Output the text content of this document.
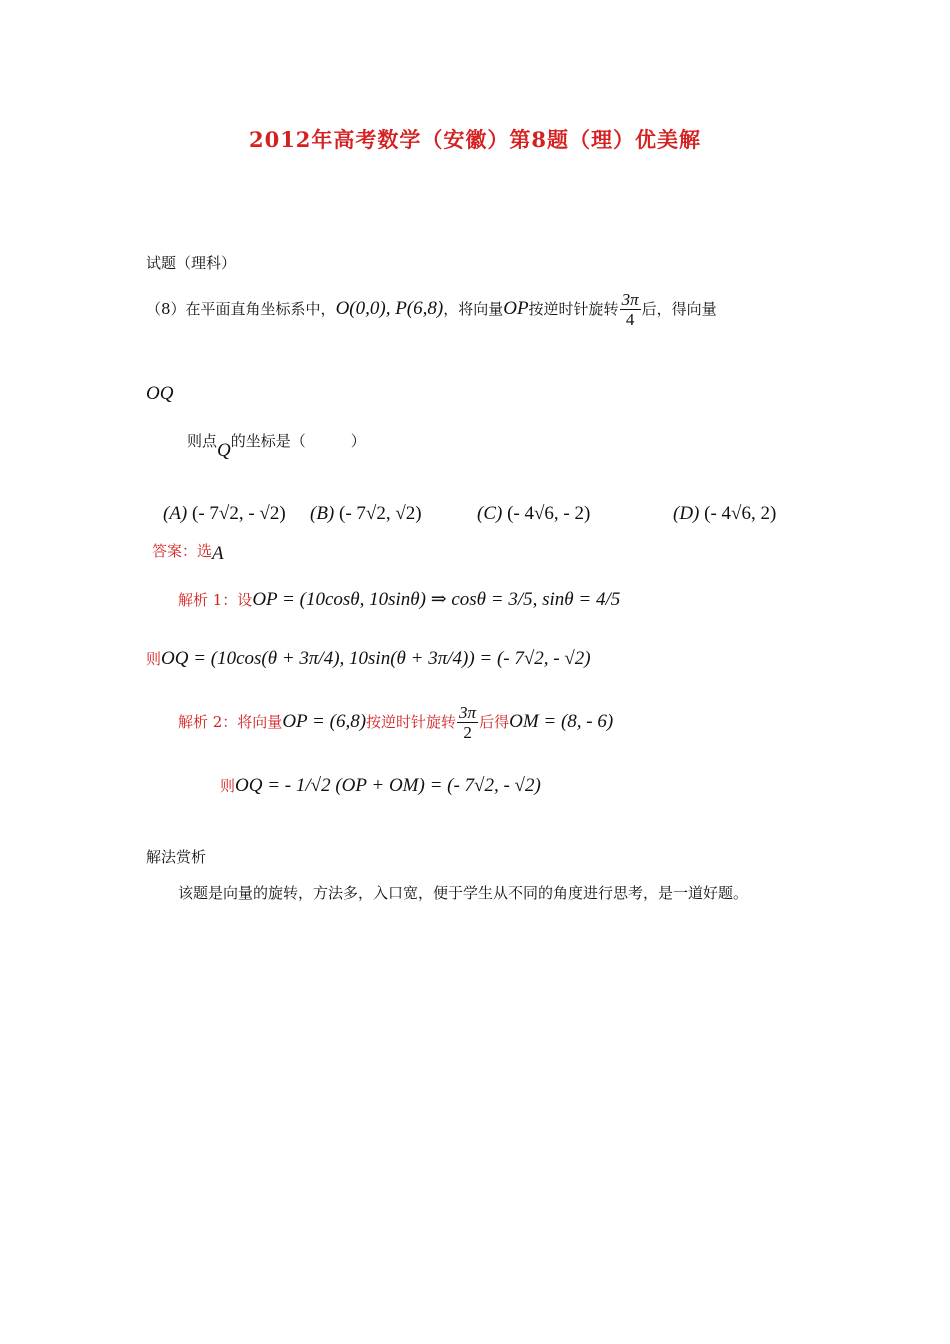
2012年高考数学（安徽）第8题（理）优美解
试题（理科）
（8）在平面直角坐标系中，O(0,0), P(6,8)，将向量OP按逆时针旋转 $\frac{3\pi}{4}$ 后，得向量
OQ
则点Q的坐标是（　　　）
(A) (- 7√2, - √2) (B) (- 7√2, √2)	(C) (- 4√6, - 2)	(D) (- 4√6, 2)
答案：选A
解析 1：设OP = (10cosθ, 10sinθ) ⇒ cosθ = 3/5, sinθ = 4/5
则OQ = (10cos(θ + 3π/4), 10sin(θ + 3π/4)) = (- 7√2, - √2)
解析 2：将向量OP = (6,8)按逆时针旋转 $\frac{3\pi}{2}$ 后得OM = (8, - 6)
则OQ = - 1/√2 (OP + OM) = (- 7√2, - √2)
解法赏析
该题是向量的旋转，方法多，入口宽，便于学生从不同的角度进行思考，是一道好题。
